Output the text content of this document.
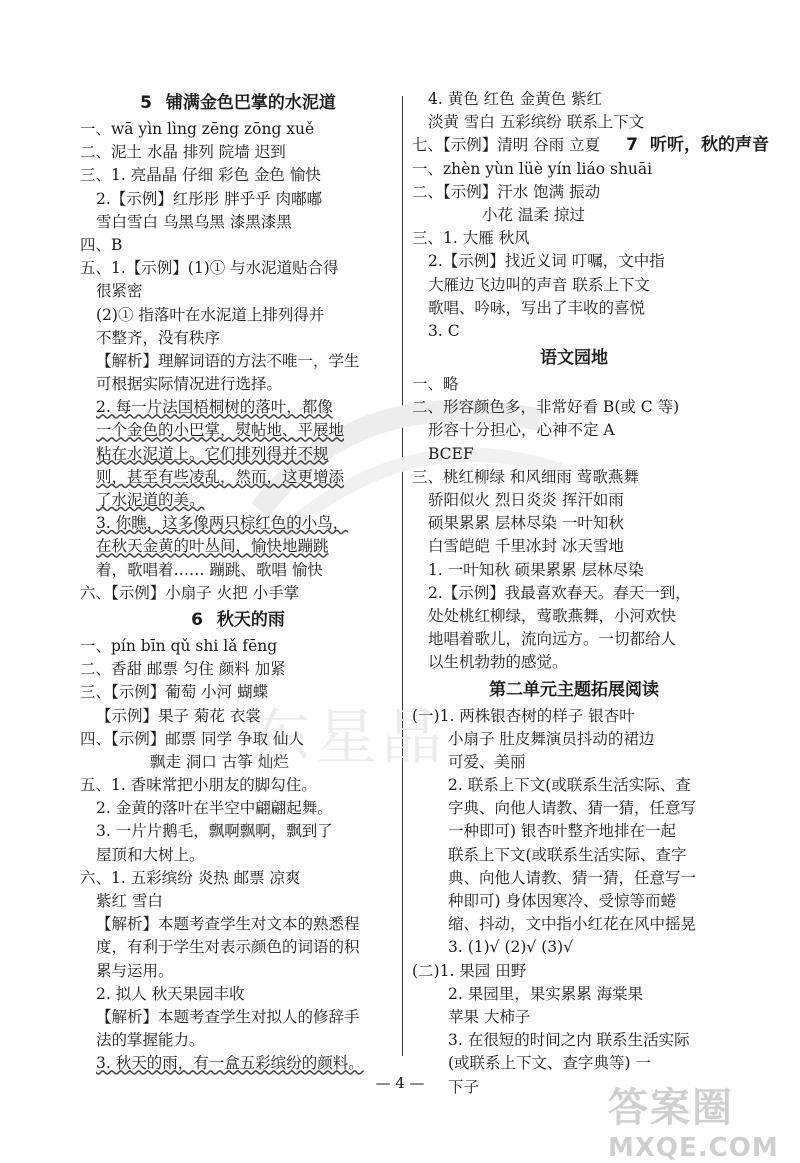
东星晶
5 铺满金色巴掌的水泥道
一、wā yìn lìng zēng zōng xuě
二、泥土 水晶 排列 院墙 迟到
三、1. 亮晶晶 仔细 彩色 金色 愉快
2.【示例】红彤彤 胖乎乎 肉嘟嘟
雪白雪白 乌黑乌黑 漆黑漆黑
四、B
五、1.【示例】(1)① 与水泥道贴合得
很紧密
(2)① 指落叶在水泥道上排列得并
不整齐，没有秩序
【解析】理解词语的方法不唯一，学生
可根据实际情况进行选择。
2. 每一片法国梧桐树的落叶，都像
一个金色的小巴掌，熨帖地、平展地
粘在水泥道上。它们排列得并不规
则，甚至有些凌乱，然而，这更增添
了水泥道的美。
3. 你瞧，这多像两只棕红色的小鸟，
在秋天金黄的叶丛间，愉快地蹦跳
着，歌唱着…… 蹦跳、歌唱 愉快
六、【示例】小扇子 火把 小手掌
6 秋天的雨
一、pín bīn qǔ shi lǎ fēng
二、香甜 邮票 匀住 颜料 加紧
三、【示例】葡萄 小河 蝴蝶
【示例】果子 菊花 衣裳
四、【示例】邮票 同学 争取 仙人
飘走 洞口 古筝 灿烂
五、1. 香味常把小朋友的脚勾住。
2. 金黄的落叶在半空中翩翩起舞。
3. 一片片鹅毛，飘啊飘啊，飘到了
屋顶和大树上。
六、1. 五彩缤纷 炎热 邮票 凉爽
紫红 雪白
【解析】本题考查学生对文本的熟悉程
度，有利于学生对表示颜色的词语的积
累与运用。
2. 拟人 秋天果园丰收
【解析】本题考查学生对拟人的修辞手
法的掌握能力。
3. 秋天的雨，有一盒五彩缤纷的颜料。
4. 黄色 红色 金黄色 紫红
淡黄 雪白 五彩缤纷 联系上下文
七、【示例】清明 谷雨 立夏 7 听听，秋的声音
一、zhèn yùn lüè yín liáo shuāi
二、【示例】汗水 饱满 振动
小花 温柔 掠过
三、1. 大雁 秋风
2.【示例】找近义词 叮嘱，文中指
大雁边飞边叫的声音 联系上下文
歌唱、吟咏，写出了丰收的喜悦
3. C
语文园地
一、略
二、形容颜色多，非常好看 B(或 C 等)
形容十分担心，心神不定 A
BCEF
三、桃红柳绿 和风细雨 莺歌燕舞
骄阳似火 烈日炎炎 挥汗如雨
硕果累累 层林尽染 一叶知秋
白雪皑皑 千里冰封 冰天雪地
1. 一叶知秋 硕果累累 层林尽染
2.【示例】我最喜欢春天。春天一到，
处处桃红柳绿，莺歌燕舞，小河欢快
地唱着歌儿，流向远方。一切都给人
以生机勃勃的感觉。
第二单元主题拓展阅读
(一)1. 两株银杏树的样子 银杏叶
小扇子 肚皮舞演员抖动的裙边
可爱、美丽
2. 联系上下文(或联系生活实际、查
字典、向他人请教、猜一猜，任意写
一种即可) 银杏叶整齐地排在一起
联系上下文(或联系生活实际、查字
典、向他人请教、猜一猜，任意写一
种即可) 身体因寒冷、受惊等而蜷
缩、抖动，文中指小红花在风中摇晃
3. (1)√ (2)√ (3)√
(二)1. 果园 田野
2. 果园里，果实累累 海棠果
苹果 大柿子
3. 在很短的时间之内 联系生活实际
(或联系上下文、查字典等) 一
下子
— 4 —
答案圈
MXQE.COM
